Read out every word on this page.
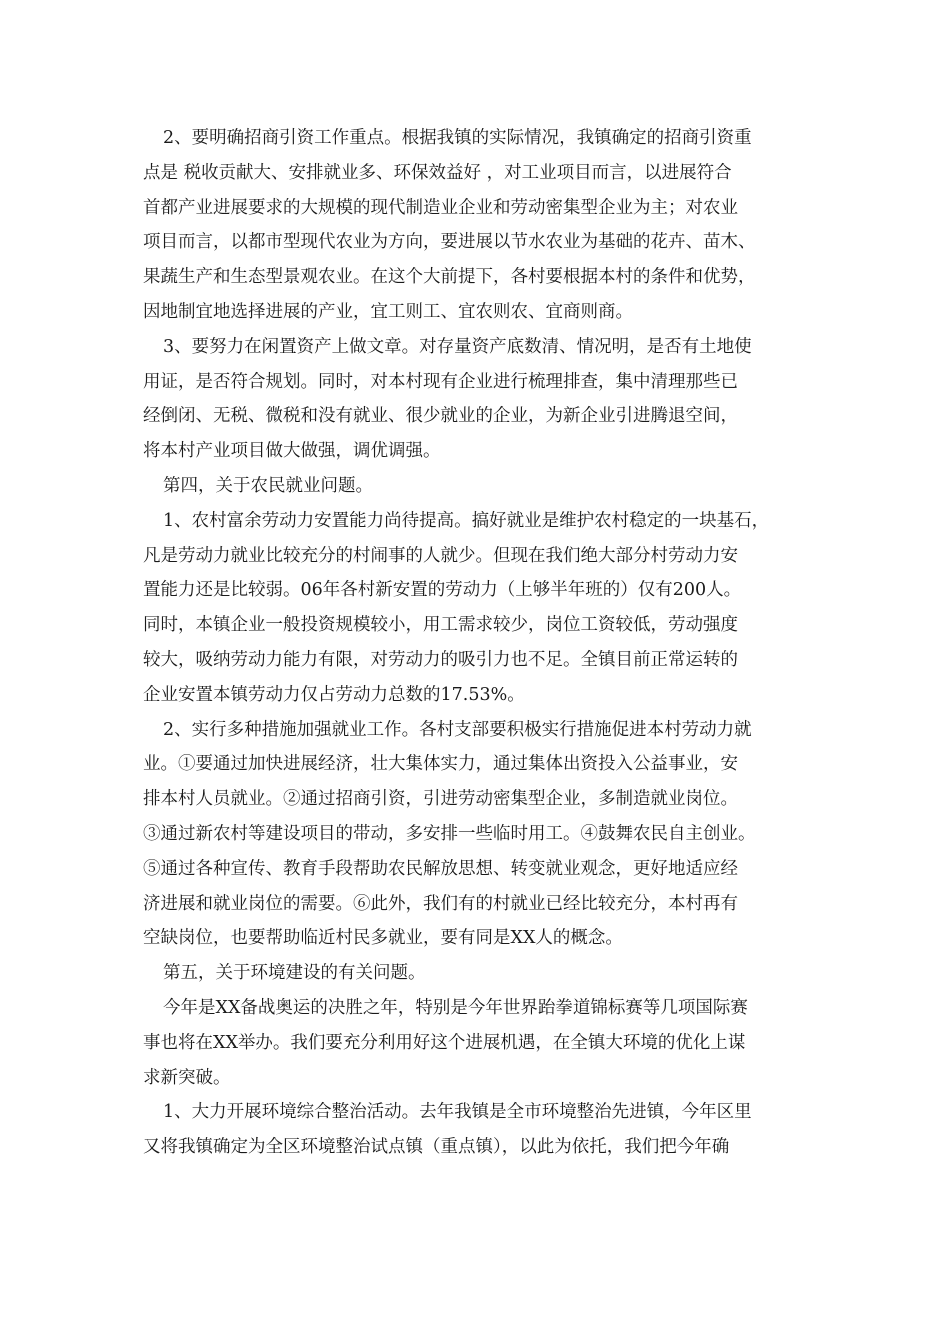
2、要明确招商引资工作重点。根据我镇的实际情况，我镇确定的招商引资重
点是 税收贡献大、安排就业多、环保效益好 ，对工业项目而言，以进展符合
首都产业进展要求的大规模的现代制造业企业和劳动密集型企业为主；对农业
项目而言，以都市型现代农业为方向，要进展以节水农业为基础的花卉、苗木、
果蔬生产和生态型景观农业。在这个大前提下，各村要根据本村的条件和优势，
因地制宜地选择进展的产业，宜工则工、宜农则农、宜商则商。
3、要努力在闲置资产上做文章。对存量资产底数清、情况明，是否有土地使
用证，是否符合规划。同时，对本村现有企业进行梳理排查，集中清理那些已
经倒闭、无税、微税和没有就业、很少就业的企业，为新企业引进腾退空间，
将本村产业项目做大做强，调优调强。
第四，关于农民就业问题。
1、农村富余劳动力安置能力尚待提高。搞好就业是维护农村稳定的一块基石，
凡是劳动力就业比较充分的村闹事的人就少。但现在我们绝大部分村劳动力安
置能力还是比较弱。06年各村新安置的劳动力（上够半年班的）仅有200人。
同时，本镇企业一般投资规模较小，用工需求较少，岗位工资较低，劳动强度
较大，吸纳劳动力能力有限，对劳动力的吸引力也不足。全镇目前正常运转的
企业安置本镇劳动力仅占劳动力总数的17.53%。
2、实行多种措施加强就业工作。各村支部要积极实行措施促进本村劳动力就
业。①要通过加快进展经济，壮大集体实力，通过集体出资投入公益事业，安
排本村人员就业。②通过招商引资，引进劳动密集型企业，多制造就业岗位。
③通过新农村等建设项目的带动，多安排一些临时用工。④鼓舞农民自主创业。
⑤通过各种宣传、教育手段帮助农民解放思想、转变就业观念，更好地适应经
济进展和就业岗位的需要。⑥此外，我们有的村就业已经比较充分，本村再有
空缺岗位，也要帮助临近村民多就业，要有同是XX人的概念。
第五，关于环境建设的有关问题。
今年是XX备战奥运的决胜之年，特别是今年世界跆拳道锦标赛等几项国际赛
事也将在XX举办。我们要充分利用好这个进展机遇，在全镇大环境的优化上谋
求新突破。
1、大力开展环境综合整治活动。去年我镇是全市环境整治先进镇，今年区里
又将我镇确定为全区环境整治试点镇（重点镇），以此为依托，我们把今年确
